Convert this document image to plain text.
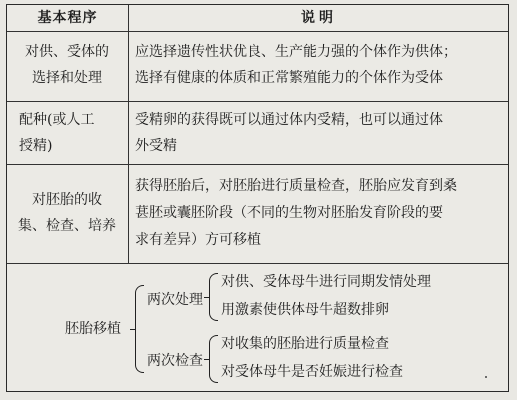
基本程序	说明
对供、受体的
选择和处理
应选择遗传性状优良、生产能力强的个体作为供体；
选择有健康的体质和正常繁殖能力的个体作为受体
配种(或人工
授精)
受精卵的获得既可以通过体内受精，也可以通过体
外受精
对胚胎的收
集、检查、培养
获得胚胎后，对胚胎进行质量检查，胚胎应发育到桑
葚胚或囊胚阶段（不同的生物对胚胎发育阶段的要
求有差异）方可移植
胚胎移植
两次处理
对供、受体母牛进行同期发情处理
用激素使供体母牛超数排卵
两次检查
对收集的胚胎进行质量检查
对受体母牛是否妊娠进行检查
